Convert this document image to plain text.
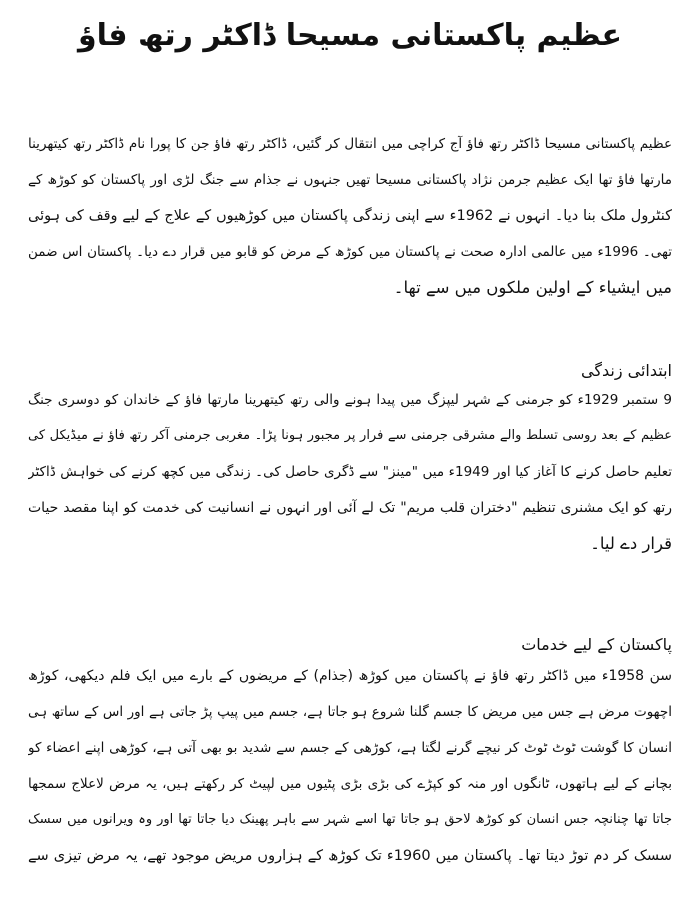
عظیم پاکستانی مسیحا ڈاکٹر رتھ فاؤ
عظیم پاکستانی مسیحا ڈاکٹر رتھ فاؤ آج کراچی میں انتقال کر گئیں، ڈاکٹر رتھ فاؤ جن کا پورا نام ڈاکٹر رتھ کیتھرینا
مارتھا فاؤ تھا ایک عظیم جرمن نژاد پاکستانی مسیحا تھیں جنہوں نے جذام سے جنگ لڑی اور پاکستان کو کوڑھ کے
کنٹرول ملک بنا دیا۔ انہوں نے 1962ء سے اپنی زندگی پاکستان میں کوڑھیوں کے علاج کے لیے وقف کی ہوئی
تھی۔ 1996ء میں عالمی ادارہ صحت نے پاکستان میں کوڑھ کے مرض کو قابو میں قرار دے دیا۔ پاکستان اس ضمن
میں ایشیاء کے اولین ملکوں میں سے تھا۔
ابتدائی زندگی
9 ستمبر 1929ء کو جرمنی کے شہر لیپزگ میں پیدا ہونے والی رتھ کیتھرینا مارتھا فاؤ کے خاندان کو دوسری جنگ
عظیم کے بعد روسی تسلط والے مشرقی جرمنی سے فرار پر مجبور ہونا پڑا۔ مغربی جرمنی آکر رتھ فاؤ نے میڈیکل کی
تعلیم حاصل کرنے کا آغاز کیا اور 1949ء میں "مینز" سے ڈگری حاصل کی۔ زندگی میں کچھ کرنے کی خواہش ڈاکٹر
رتھ کو ایک مشنری تنظیم "دختران قلب مریم" تک لے آئی اور انہوں نے انسانیت کی خدمت کو اپنا مقصد حیات
قرار دے لیا۔
پاکستان کے لیے خدمات
سن 1958ء میں ڈاکٹر رتھ فاؤ نے پاکستان میں کوڑھ (جذام) کے مریضوں کے بارے میں ایک فلم دیکھی، کوڑھ
اچھوت مرض ہے جس میں مریض کا جسم گلنا شروع ہو جاتا ہے، جسم میں پیپ پڑ جاتی ہے اور اس کے ساتھ ہی
انسان کا گوشت ٹوٹ ٹوٹ کر نیچے گرنے لگتا ہے، کوڑھی کے جسم سے شدید بو بھی آتی ہے، کوڑھی اپنے اعضاء کو
بچانے کے لیے ہاتھوں، ٹانگوں اور منہ کو کپڑے کی بڑی بڑی پٹیوں میں لپیٹ کر رکھتے ہیں، یہ مرض لاعلاج سمجھا
جاتا تھا چنانچہ جس انسان کو کوڑھ لاحق ہو جاتا تھا اسے شہر سے باہر پھینک دیا جاتا تھا اور وہ ویرانوں میں سسک
سسک کر دم توڑ دیتا تھا۔ پاکستان میں 1960ء تک کوڑھ کے ہزاروں مریض موجود تھے، یہ مرض تیزی سے
